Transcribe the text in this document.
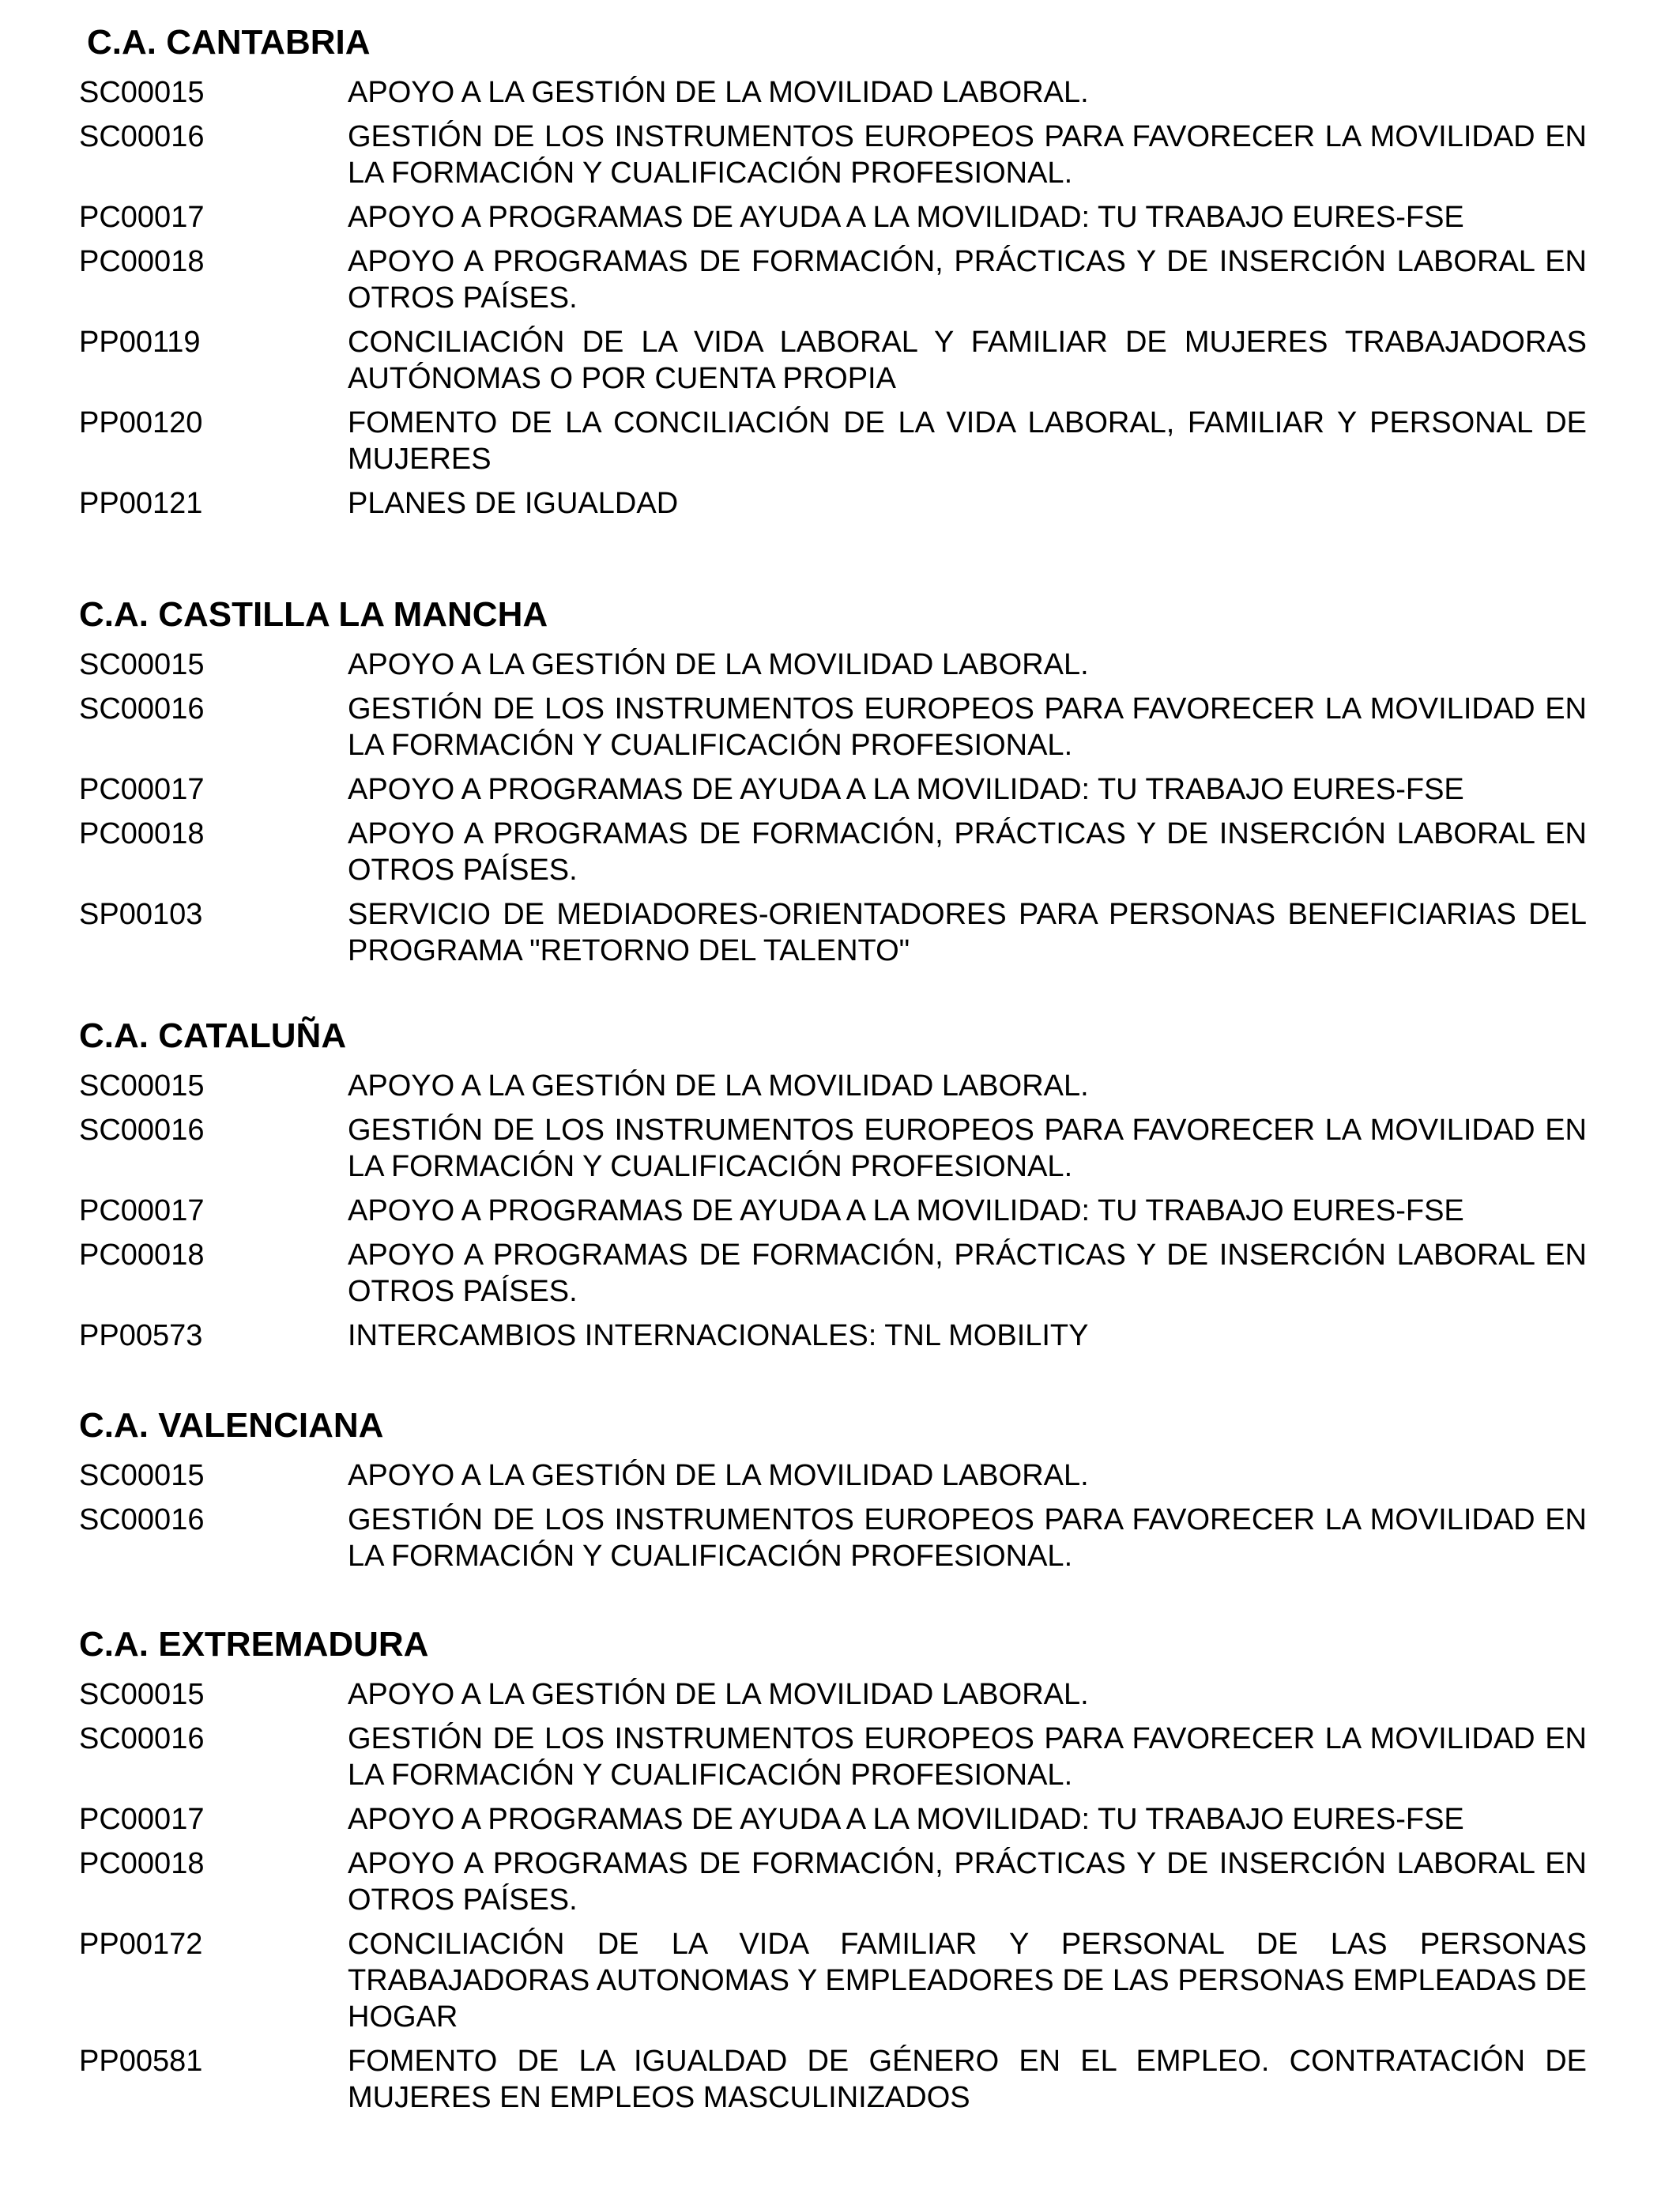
C.A. CANTABRIA
SC00015	APOYO A LA GESTIÓN DE LA MOVILIDAD LABORAL.
SC00016	GESTIÓN DE LOS INSTRUMENTOS EUROPEOS PARA FAVORECER LA MOVILIDAD EN LA FORMACIÓN Y CUALIFICACIÓN PROFESIONAL.
PC00017	APOYO A PROGRAMAS DE AYUDA A LA MOVILIDAD: TU TRABAJO EURES-FSE
PC00018	APOYO A PROGRAMAS DE FORMACIÓN, PRÁCTICAS Y DE INSERCIÓN LABORAL EN OTROS PAÍSES.
PP00119	CONCILIACIÓN DE LA VIDA LABORAL Y FAMILIAR DE MUJERES TRABAJADORAS AUTÓNOMAS O POR CUENTA PROPIA
PP00120	FOMENTO DE LA CONCILIACIÓN DE LA VIDA LABORAL, FAMILIAR Y PERSONAL DE MUJERES
PP00121	PLANES DE IGUALDAD
C.A. CASTILLA LA MANCHA
SC00015	APOYO A LA GESTIÓN DE LA MOVILIDAD LABORAL.
SC00016	GESTIÓN DE LOS INSTRUMENTOS EUROPEOS PARA FAVORECER LA MOVILIDAD EN LA FORMACIÓN Y CUALIFICACIÓN PROFESIONAL.
PC00017	APOYO A PROGRAMAS DE AYUDA A LA MOVILIDAD: TU TRABAJO EURES-FSE
PC00018	APOYO A PROGRAMAS DE FORMACIÓN, PRÁCTICAS Y DE INSERCIÓN LABORAL EN OTROS PAÍSES.
SP00103	SERVICIO DE MEDIADORES-ORIENTADORES PARA PERSONAS BENEFICIARIAS DEL PROGRAMA "RETORNO DEL TALENTO"
C.A. CATALUÑA
SC00015	APOYO A LA GESTIÓN DE LA MOVILIDAD LABORAL.
SC00016	GESTIÓN DE LOS INSTRUMENTOS EUROPEOS PARA FAVORECER LA MOVILIDAD EN LA FORMACIÓN Y CUALIFICACIÓN PROFESIONAL.
PC00017	APOYO A PROGRAMAS DE AYUDA A LA MOVILIDAD: TU TRABAJO EURES-FSE
PC00018	APOYO A PROGRAMAS DE FORMACIÓN, PRÁCTICAS Y DE INSERCIÓN LABORAL EN OTROS PAÍSES.
PP00573	INTERCAMBIOS INTERNACIONALES: TNL MOBILITY
C.A. VALENCIANA
SC00015	APOYO A LA GESTIÓN DE LA MOVILIDAD LABORAL.
SC00016	GESTIÓN DE LOS INSTRUMENTOS EUROPEOS PARA FAVORECER LA MOVILIDAD EN LA FORMACIÓN Y CUALIFICACIÓN PROFESIONAL.
C.A. EXTREMADURA
SC00015	APOYO A LA GESTIÓN DE LA MOVILIDAD LABORAL.
SC00016	GESTIÓN DE LOS INSTRUMENTOS EUROPEOS PARA FAVORECER LA MOVILIDAD EN LA FORMACIÓN Y CUALIFICACIÓN PROFESIONAL.
PC00017	APOYO A PROGRAMAS DE AYUDA A LA MOVILIDAD: TU TRABAJO EURES-FSE
PC00018	APOYO A PROGRAMAS DE FORMACIÓN, PRÁCTICAS Y DE INSERCIÓN LABORAL EN OTROS PAÍSES.
PP00172	CONCILIACIÓN DE LA VIDA FAMILIAR Y PERSONAL DE LAS PERSONAS TRABAJADORAS AUTONOMAS Y EMPLEADORES DE LAS PERSONAS EMPLEADAS DE HOGAR
PP00581	FOMENTO DE LA IGUALDAD DE GÉNERO EN EL EMPLEO. CONTRATACIÓN DE MUJERES EN EMPLEOS MASCULINIZADOS
